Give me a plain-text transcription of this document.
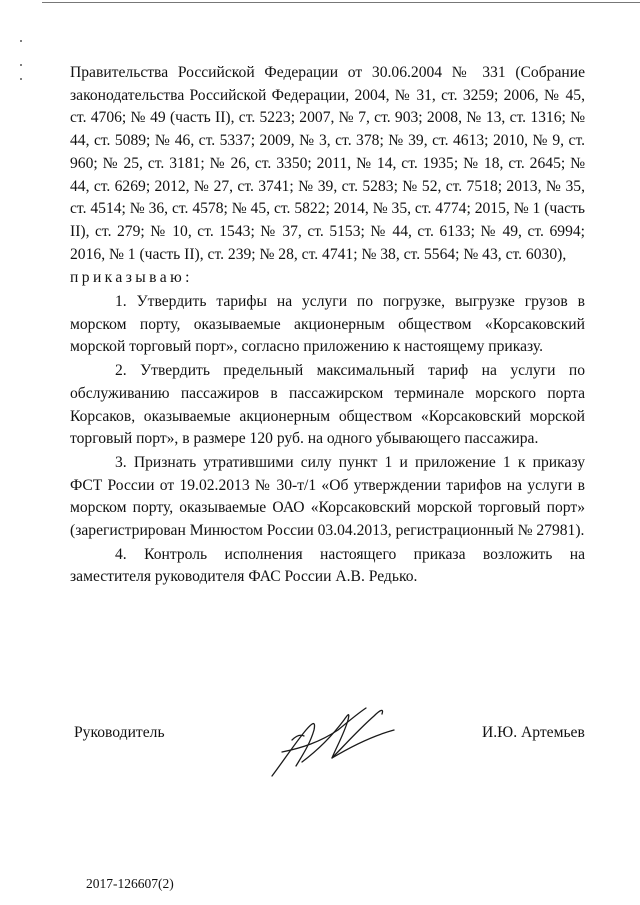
Правительства Российской Федерации от 30.06.2004 № 331 (Собрание законодательства Российской Федерации, 2004, № 31, ст. 3259; 2006, № 45, ст. 4706; № 49 (часть II), ст. 5223; 2007, № 7, ст. 903; 2008, № 13, ст. 1316; № 44, ст. 5089; № 46, ст. 5337; 2009, № 3, ст. 378; № 39, ст. 4613; 2010, № 9, ст. 960; № 25, ст. 3181; № 26, ст. 3350; 2011, № 14, ст. 1935; № 18, ст. 2645; № 44, ст. 6269; 2012, № 27, ст. 3741; № 39, ст. 5283; № 52, ст. 7518; 2013, № 35, ст. 4514; № 36, ст. 4578; № 45, ст. 5822; 2014, № 35, ст. 4774; 2015, № 1 (часть II), ст. 279; № 10, ст. 1543; № 37, ст. 5153; № 44, ст. 6133; № 49, ст. 6994; 2016, № 1 (часть II), ст. 239; № 28, ст. 4741; № 38, ст. 5564; № 43, ст. 6030),

приказываю:

1. Утвердить тарифы на услуги по погрузке, выгрузке грузов в морском порту, оказываемые акционерным обществом «Корсаковский морской торговый порт», согласно приложению к настоящему приказу.

2. Утвердить предельный максимальный тариф на услуги по обслуживанию пассажиров в пассажирском терминале морского порта Корсаков, оказываемые акционерным обществом «Корсаковский морской торговый порт», в размере 120 руб. на одного убывающего пассажира.

3. Признать утратившими силу пункт 1 и приложение 1 к приказу ФСТ России от 19.02.2013 № 30-т/1 «Об утверждении тарифов на услуги в морском порту, оказываемые ОАО «Корсаковский морской торговый порт» (зарегистрирован Минюстом России 03.04.2013, регистрационный № 27981).

4. Контроль исполнения настоящего приказа возложить на заместителя руководителя ФАС России А.В. Редько.

Руководитель	И.Ю. Артемьев
2017-126607(2)
